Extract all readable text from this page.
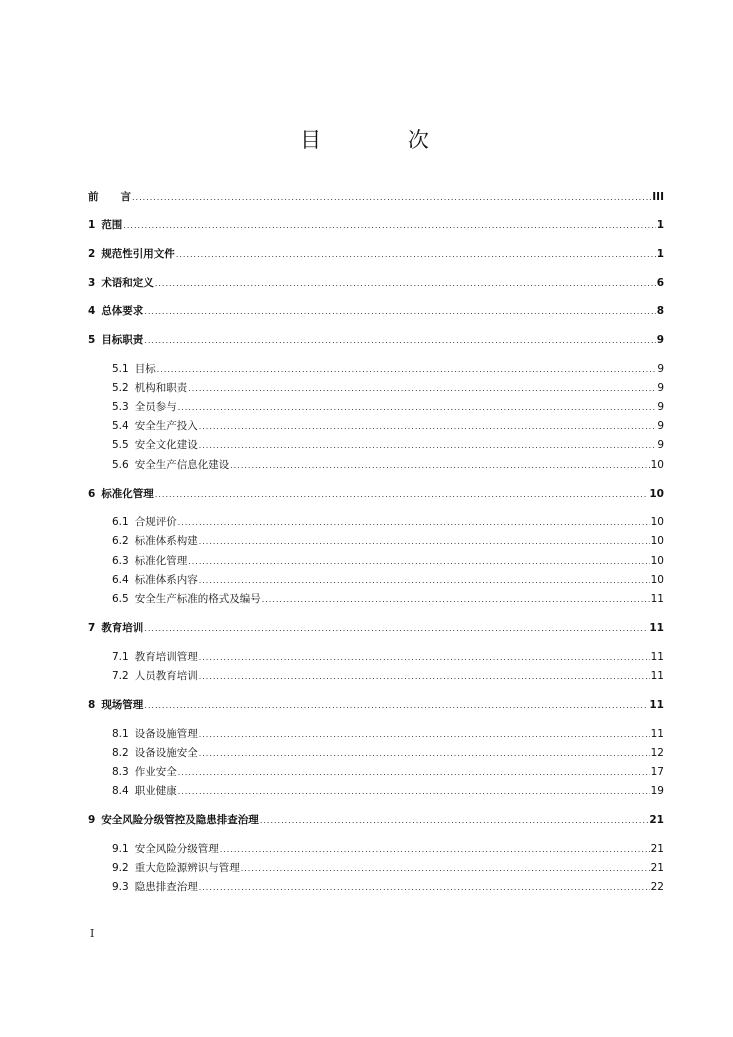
目 次
前 言 .....	III
1 范围 .....	1
2 规范性引用文件 .....	1
3 术语和定义 .....	6
4 总体要求 .....	8
5 目标职责 .....	9
5.1 目标 .....	9
5.2 机构和职责 .....	9
5.3 全员参与 .....	9
5.4 安全生产投入 .....	9
5.5 安全文化建设 .....	9
5.6 安全生产信息化建设 .....	10
6 标准化管理 .....	10
6.1 合规评价 .....	10
6.2 标准体系构建 .....	10
6.3 标准化管理 .....	10
6.4 标准体系内容 .....	10
6.5 安全生产标准的格式及编号 .....	11
7 教育培训 .....	11
7.1 教育培训管理 .....	11
7.2 人员教育培训 .....	11
8 现场管理 .....	11
8.1 设备设施管理 .....	11
8.2 设备设施安全 .....	12
8.3 作业安全 .....	17
8.4 职业健康 .....	19
9 安全风险分级管控及隐患排查治理 .....	21
9.1 安全风险分级管理 .....	21
9.2 重大危险源辨识与管理 .....	21
9.3 隐患排查治理 .....	22
I
